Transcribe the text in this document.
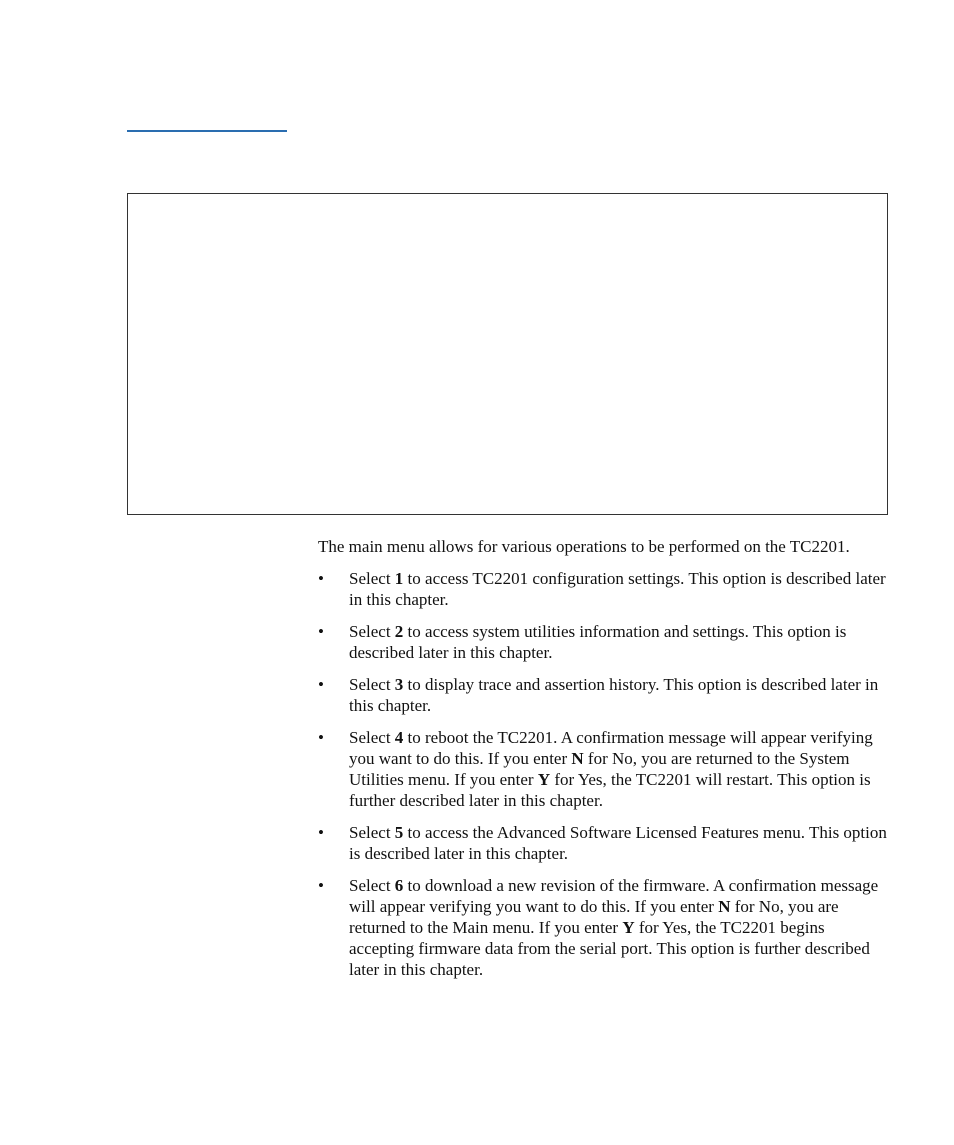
The main menu allows for various operations to be performed on the TC2201.

• Select 1 to access TC2201 configuration settings. This option is described later in this chapter.
• Select 2 to access system utilities information and settings. This option is described later in this chapter.
• Select 3 to display trace and assertion history. This option is described later in this chapter.
• Select 4 to reboot the TC2201. A confirmation message will appear verifying you want to do this. If you enter N for No, you are returned to the System Utilities menu. If you enter Y for Yes, the TC2201 will restart. This option is further described later in this chapter.
• Select 5 to access the Advanced Software Licensed Features menu. This option is described later in this chapter.
• Select 6 to download a new revision of the firmware. A confirmation message will appear verifying you want to do this. If you enter N for No, you are returned to the Main menu. If you enter Y for Yes, the TC2201 begins accepting firmware data from the serial port. This option is further described later in this chapter.
